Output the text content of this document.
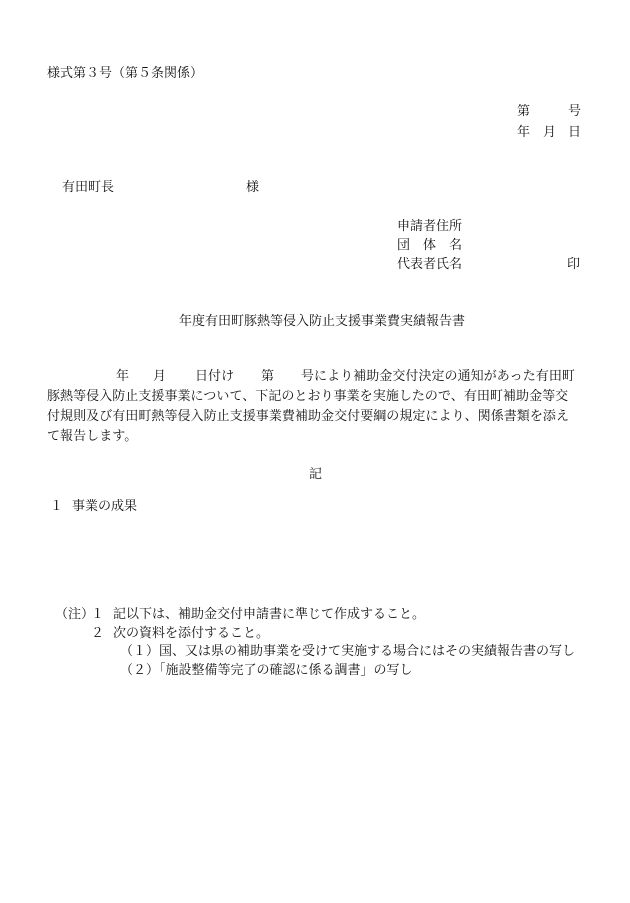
様式第３号（第５条関係）
第	号
年 月 日
有田町長	様
申請者住所
団　体　名
代表者氏名	印
年度有田町豚熱等侵入防止支援事業費実績報告書
年 月 日付け 第 号により補助金交付決定の通知があった有田町
豚熱等侵入防止支援事業について、下記のとおり事業を実施したので、有田町補助金等交
付規則及び有田町熱等侵入防止支援事業費補助金交付要綱の規定により、関係書類を添え
て報告します。
記
１ 事業の成果
（注）
１ 記以下は、補助金交付申請書に準じて作成すること。
２ 次の資料を添付すること。
（１）国、又は県の補助事業を受けて実施する場合にはその実績報告書の写し
（２）「施設整備等完了の確認に係る調書」の写し
